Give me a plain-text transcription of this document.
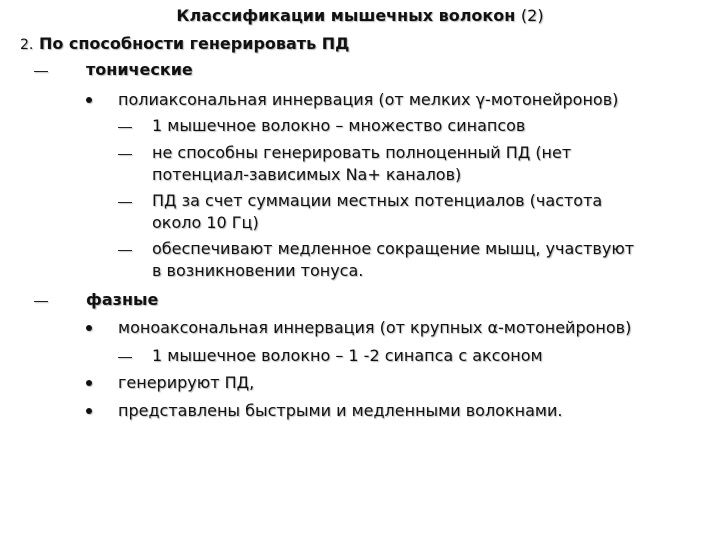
Классификации мышечных волокон (2)
2. По способности генерировать ПД
тонические
полиаксональная иннервация (от мелких γ-мотонейронов)
1 мышечное волокно – множество синапсов
не способны генерировать полноценный ПД (нет
потенциал-зависимых Na+ каналов)
ПД за счет суммации местных потенциалов (частота
около 10 Гц)
обеспечивают медленное сокращение мышц, участвуют
в возникновении тонуса.
фазные
моноаксональная иннервация (от крупных α-мотонейронов)
1 мышечное волокно – 1 -2 синапса с аксоном
генерируют ПД,
представлены быстрыми и медленными волокнами.
